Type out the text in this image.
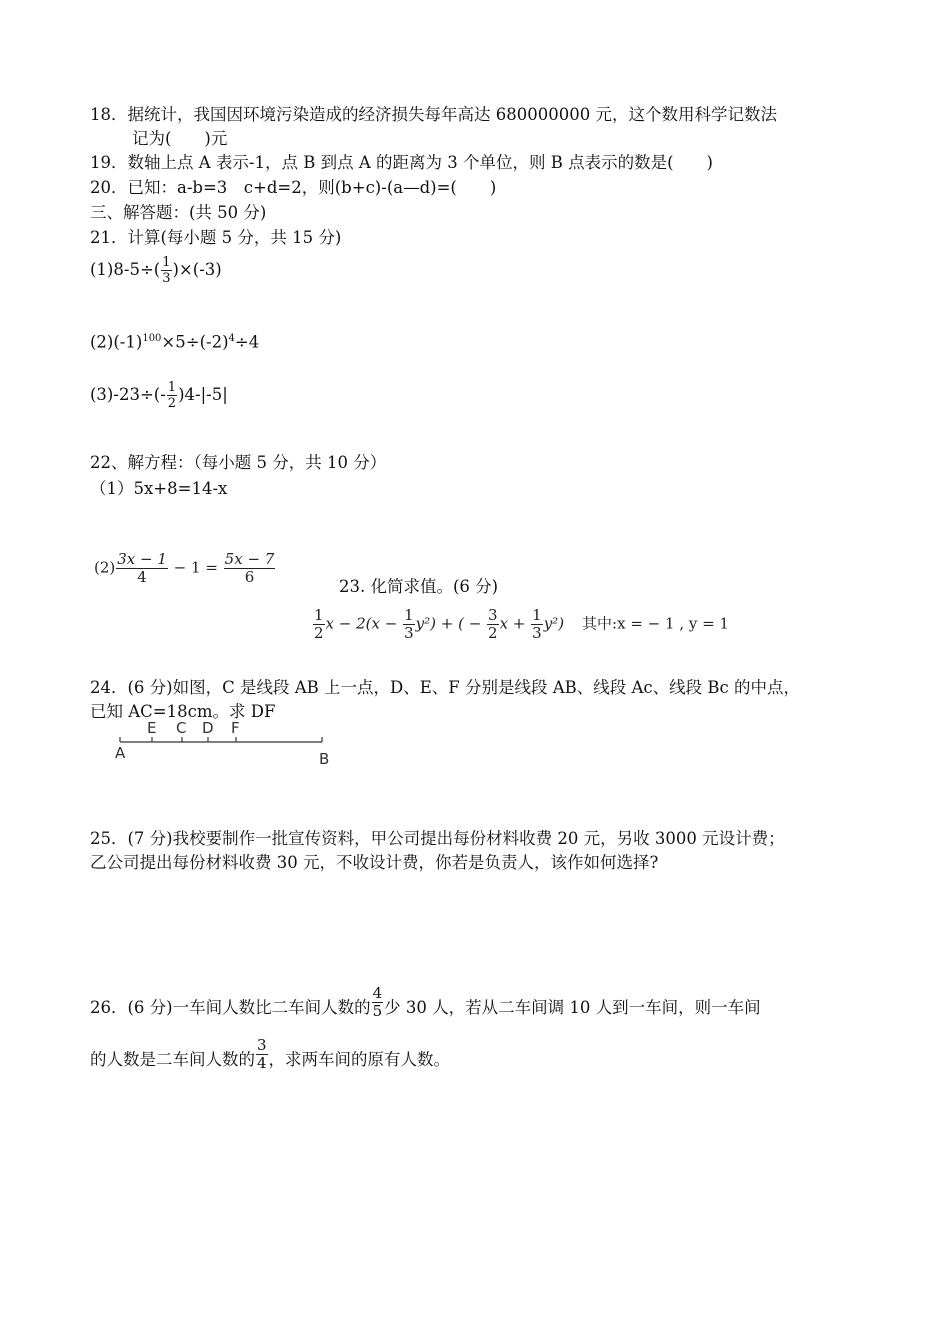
18．据统计，我国因环境污染造成的经济损失每年高达 680000000 元，这个数用科学记数法
记为(　　)元
19．数轴上点 A 表示-1，点 B 到点 A 的距离为 3 个单位，则 B 点表示的数是(　　)
20．已知：a-b=3　c+d=2，则(b+c)-(a—d)=(　　)
三、解答题：(共 50 分)
21．计算(每小题 5 分，共 15 分)
$(1)8-5\div( \frac{1}{3} )\times(-3)$
$(2)(-1)^{100}\times 5\div(-2)^4\div 4$
$(3)-23\div(- \frac{1}{2} )4-|-5|$
22、解方程：（每小题 5 分，共 10 分）
（1）5x+8=14-x
$(2) \frac{3x - 1}{4} - 1 = \frac{5x - 7}{6}$
23. 化简求值。(6 分)
$\frac{1}{2}$ $x - 2(x - \frac{1}{3} y^2)$ + ( − $\frac{3}{2}$ $x + \frac{1}{3} y^2$) 其中:x = − 1 , y = 1
24．(6 分)如图，C 是线段 AB 上一点，D、E、F 分别是线段 AB、线段 Ac、线段 Bc 的中点，
已知 AC=18cm。求 DF
A
E C D F
B
25．(7 分)我校要制作一批宣传资料，甲公司提出每份材料收费 20 元，另收 3000 元设计费；
乙公司提出每份材料收费 30 元，不收设计费，你若是负责人，该作如何选择?
26．(6 分)一车间人数比二车间人数的 $\frac{4}{5}$ 少 30 人，若从二车间调 10 人到一车间，则一车间
的人数是二车间人数的 $\frac{3}{4}$ ，求两车间的原有人数。
